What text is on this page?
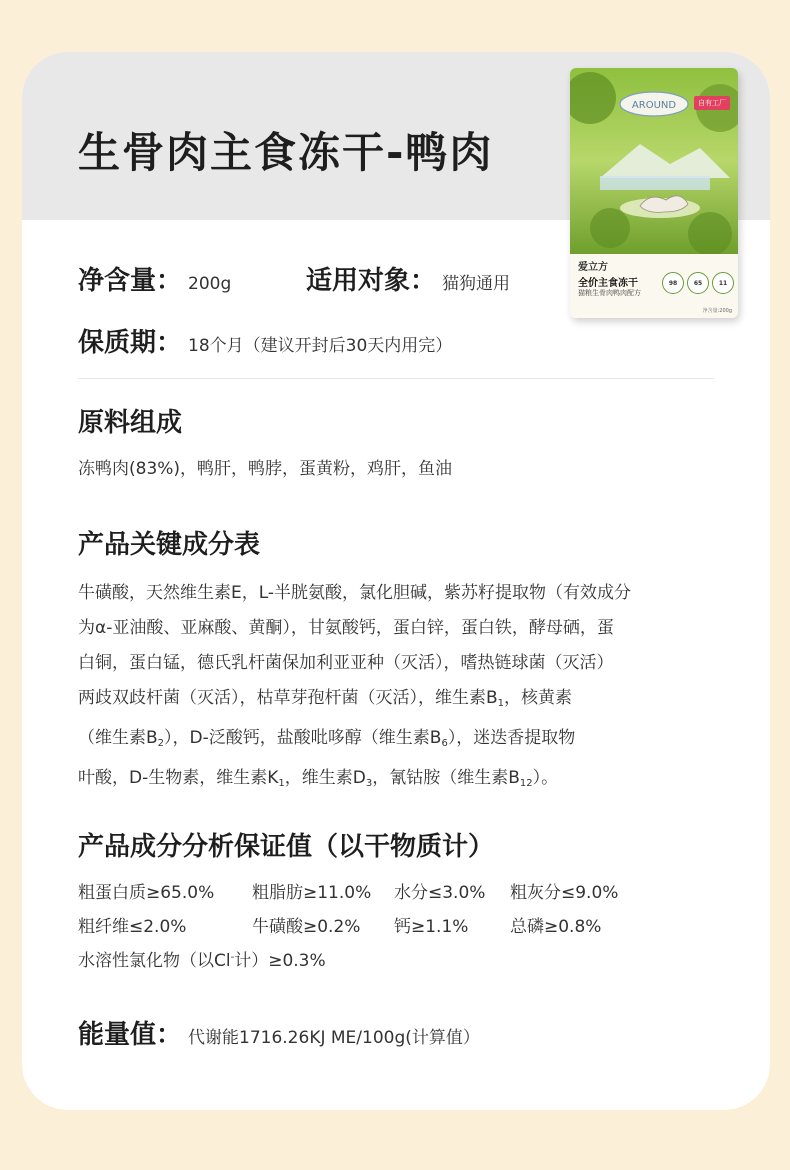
生骨肉主食冻干-鸭肉
AROUND	自有工厂
爱立方
全价主食冻干
猫粮生骨肉鸭肉配方
98	65	11
净含量:200g
净含量： 200g	适用对象： 猫狗通用
保质期： 18个月（建议开封后30天内用完）
原料组成
冻鸭肉(83%)，鸭肝，鸭脖，蛋黄粉，鸡肝，鱼油
产品关键成分表
牛磺酸，天然维生素E，L-半胱氨酸，氯化胆碱，紫苏籽提取物（有效成分
为α-亚油酸、亚麻酸、黄酮），甘氨酸钙，蛋白锌，蛋白铁，酵母硒，蛋
白铜，蛋白锰，德氏乳杆菌保加利亚亚种（灭活），嗜热链球菌（灭活）
两歧双歧杆菌（灭活），枯草芽孢杆菌（灭活），维生素$B_1$，核黄素
（维生素$B_2$），D-泛酸钙，盐酸吡哆醇（维生素$B_6$），迷迭香提取物
叶酸，D-生物素，维生素$K_1$，维生素$D_3$，氰钴胺（维生素$B_{12}$）。
产品成分分析保证值（以干物质计）
粗蛋白质≥65.0% 粗脂肪≥11.0% 水分≤3.0% 粗灰分≤9.0%
粗纤维≤2.0%	牛磺酸≥0.2% 钙≥1.1% 总磷≥0.8%
水溶性氯化物（以Cl-计）≥0.3%
能量值： 代谢能1716.26KJ ME/100g(计算值）
